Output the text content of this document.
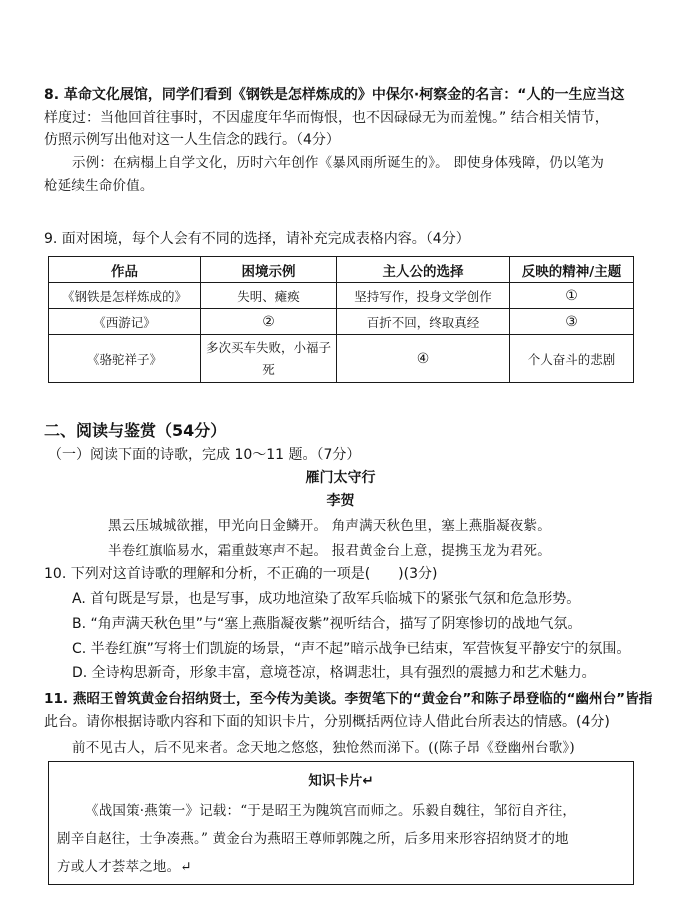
8. 革命文化展馆，同学们看到《钢铁是怎样炼成的》中保尔·柯察金的名言：“人的一生应当这
样度过：当他回首往事时，不因虚度年华而悔恨，也不因碌碌无为而羞愧。” 结合相关情节，
仿照示例写出他对这一人生信念的践行。（4分）
示例：在病榻上自学文化，历时六年创作《暴风雨所诞生的》。 即使身体残障，仍以笔为
枪延续生命价值。
9. 面对困境，每个人会有不同的选择，请补充完成表格内容。（4分）
作品	困境示例	主人公的选择	反映的精神/主题
《钢铁是怎样炼成的》	失明、瘫痪	坚持写作，投身文学创作	①
《西游记》	②	百折不回，终取真经	③
《骆驼祥子》	多次买车失败，小福子死	④	个人奋斗的悲剧
二、阅读与鉴赏（54分）
（一）阅读下面的诗歌，完成 10～11 题。（7分）
雁门太守行
李贺
黑云压城城欲摧，甲光向日金鳞开。 角声满天秋色里，塞上燕脂凝夜紫。
半卷红旗临易水，霜重鼓寒声不起。 报君黄金台上意，提携玉龙为君死。
10. 下列对这首诗歌的理解和分析，不正确的一项是(　　)(3分)
A. 首句既是写景，也是写事，成功地渲染了敌军兵临城下的紧张气氛和危急形势。
B. “角声满天秋色里”与“塞上燕脂凝夜紫”视听结合，描写了阴寒惨切的战地气氛。
C. 半卷红旗”写将士们凯旋的场景，“声不起”暗示战争已结束，军营恢复平静安宁的氛围。
D. 全诗构思新奇，形象丰富，意境苍凉，格调悲壮，具有强烈的震撼力和艺术魅力。
11. 燕昭王曾筑黄金台招纳贤士，至今传为美谈。李贺笔下的“黄金台”和陈子昂登临的“幽州台”皆指
此台。请你根据诗歌内容和下面的知识卡片，分别概括两位诗人借此台所表达的情感。(4分)
前不见古人，后不见来者。念天地之悠悠，独怆然而涕下。((陈子昂《登幽州台歌》)
知识卡片↵
《战国策·燕策一》记载：“于是昭王为隗筑宫而师之。乐毅自魏往，邹衍自齐往，
剧辛自赵往，士争凑燕。” 黄金台为燕昭王尊师郭隗之所，后多用来形容招纳贤才的地
方或人才荟萃之地。↵
